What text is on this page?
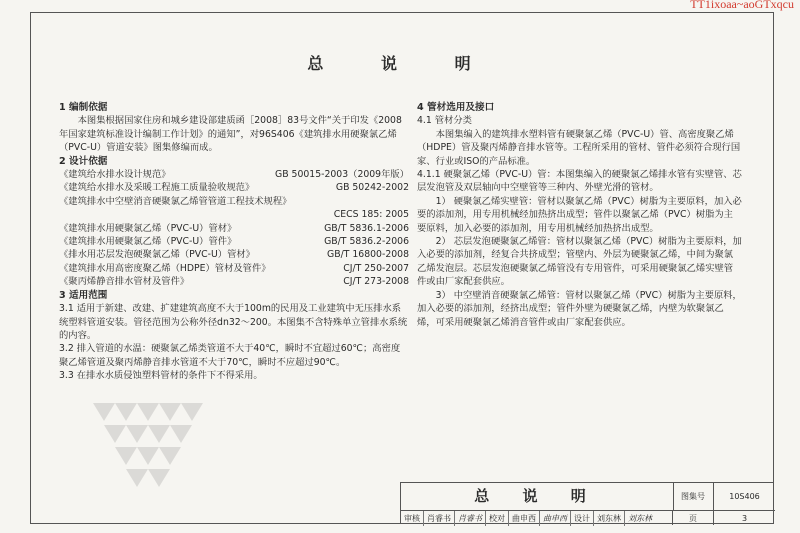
TT1ixoaa~aoGTxqcu
总 说 明
1 编制依据
本图集根据国家住房和城乡建设部建质函［2008］83号文件“关于印发《2008年国家建筑标准设计编制工作计划》的通知”，对96S406《建筑排水用硬聚氯乙烯（PVC-U）管道安装》图集修编而成。
2 设计依据
《建筑给水排水设计规范》	GB 50015-2003（2009年版）
《建筑给水排水及采暖工程施工质量验收规范》	GB 50242-2002
《建筑排水中空壁消音硬聚氯乙烯管管道工程技术规程》
CECS 185: 2005
《建筑排水用硬聚氯乙烯（PVC-U）管材》	GB/T 5836.1-2006
《建筑排水用硬聚氯乙烯（PVC-U）管件》	GB/T 5836.2-2006
《排水用芯层发泡硬聚氯乙烯（PVC-U）管材》	GB/T 16800-2008
《建筑排水用高密度聚乙烯（HDPE）管材及管件》	CJ/T 250-2007
《聚丙烯静音排水管材及管件》	CJ/T 273-2008
3 适用范围
3.1 适用于新建、改建、扩建建筑高度不大于100m的民用及工业建筑中无压排水系统塑料管道安装。管径范围为公称外径dn32～200。本图集不含特殊单立管排水系统的内容。
3.2 排入管道的水温：硬聚氯乙烯类管道不大于40℃，瞬时不宜超过60℃；高密度聚乙烯管道及聚丙烯静音排水管道不大于70℃，瞬时不应超过90℃。
3.3 在排水水质侵蚀塑料管材的条件下不得采用。
4 管材选用及接口
4.1 管材分类
本图集编入的建筑排水塑料管有硬聚氯乙烯（PVC-U）管、高密度聚乙烯（HDPE）管及聚丙烯静音排水管等。工程所采用的管材、管件必须符合现行国家、行业或ISO的产品标准。
4.1.1 硬聚氯乙烯（PVC-U）管：本图集编入的硬聚氯乙烯排水管有实壁管、芯层发泡管及双层轴向中空壁管等三种内、外壁光滑的管材。
1） 硬聚氯乙烯实壁管：管材以聚氯乙烯（PVC）树脂为主要原料，加入必要的添加剂，用专用机械经加热挤出成型；管件以聚氯乙烯（PVC）树脂为主要原料，加入必要的添加剂，用专用机械经加热挤出成型。
2） 芯层发泡硬聚氯乙烯管：管材以聚氯乙烯（PVC）树脂为主要原料，加入必要的添加剂，经复合共挤成型；管壁内、外层为硬聚氯乙烯，中间为聚氯乙烯发泡层。芯层发泡硬聚氯乙烯管没有专用管件，可采用硬聚氯乙烯实壁管件或由厂家配套供应。
3） 中空壁消音硬聚氯乙烯管：管材以聚氯乙烯（PVC）树脂为主要原料，加入必要的添加剂，经挤出成型；管件外壁为硬聚氯乙烯，内壁为软聚氯乙烯，可采用硬聚氯乙烯消音管件或由厂家配套供应。
总 说 明
审核 肖睿书 肖睿书 校对 曲申西 曲申西 设计 刘东林 刘东林
图集号	10S406
页	3
